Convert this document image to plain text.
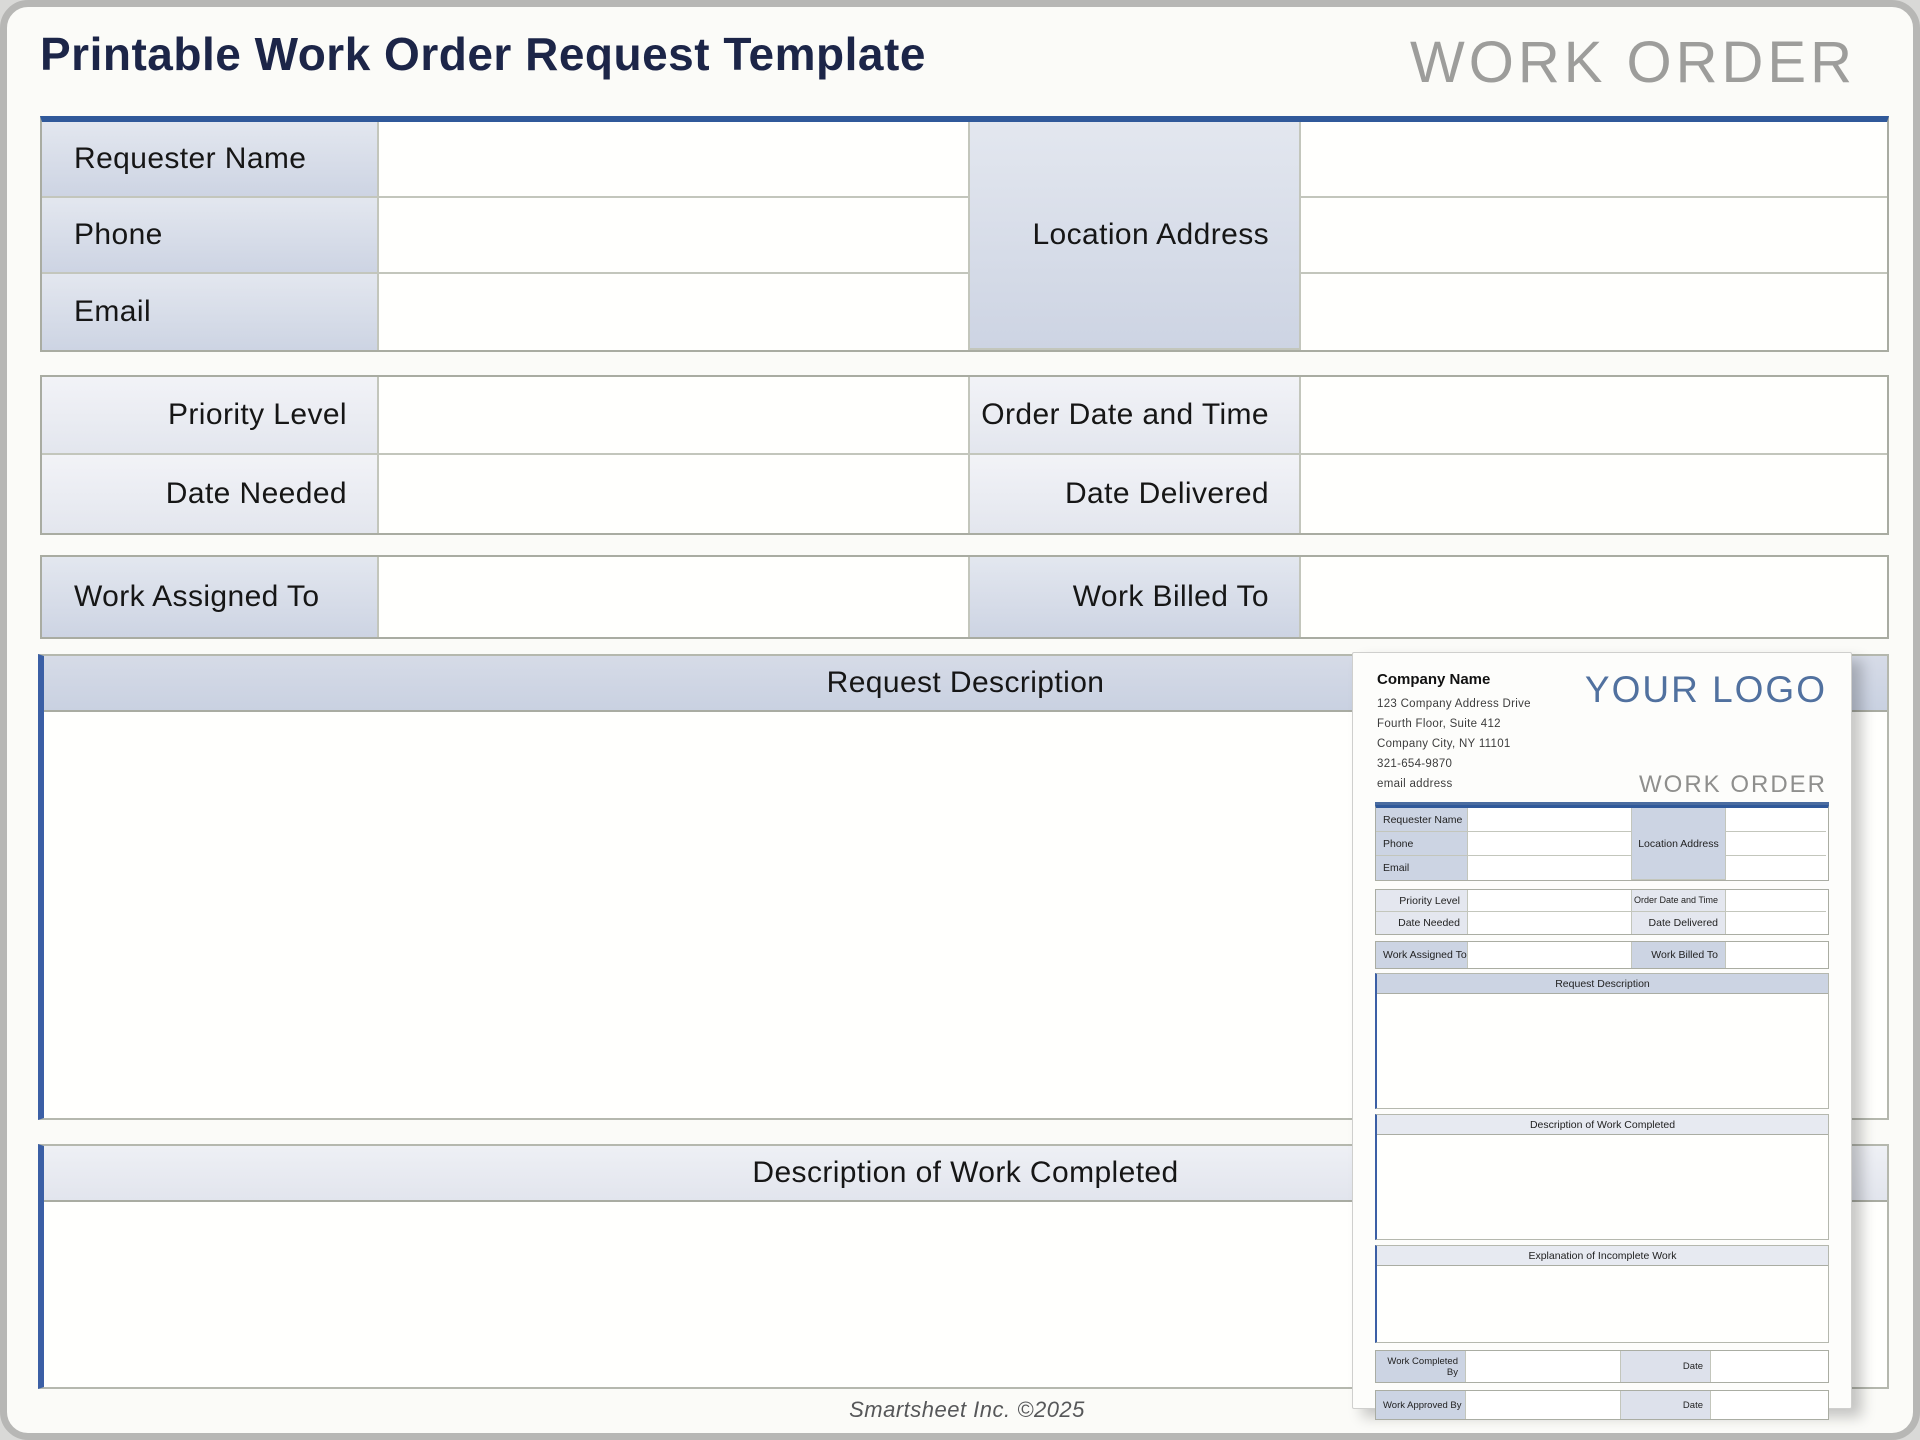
Printable Work Order Request Template	WORK ORDER
Requester Name
Location Address
Phone
Email
Priority Level	Order Date and Time
Date Needed	Date Delivered
Work Assigned To	Work Billed To
Request Description
Description of Work Completed
Company Name
123 Company Address Drive
Fourth Floor, Suite 412
Company City, NY 11101
321-654-9870
email address
YOUR LOGO
WORK ORDER
Requester Name
Location Address
Phone
Email
Priority Level	Order Date and Time
Date Needed	Date Delivered
Work Assigned To	Work Billed To
Request Description
Description of Work Completed
Explanation of Incomplete Work
Work Completed By	Date
Work Approved By	Date
Smartsheet Inc. ©2025
